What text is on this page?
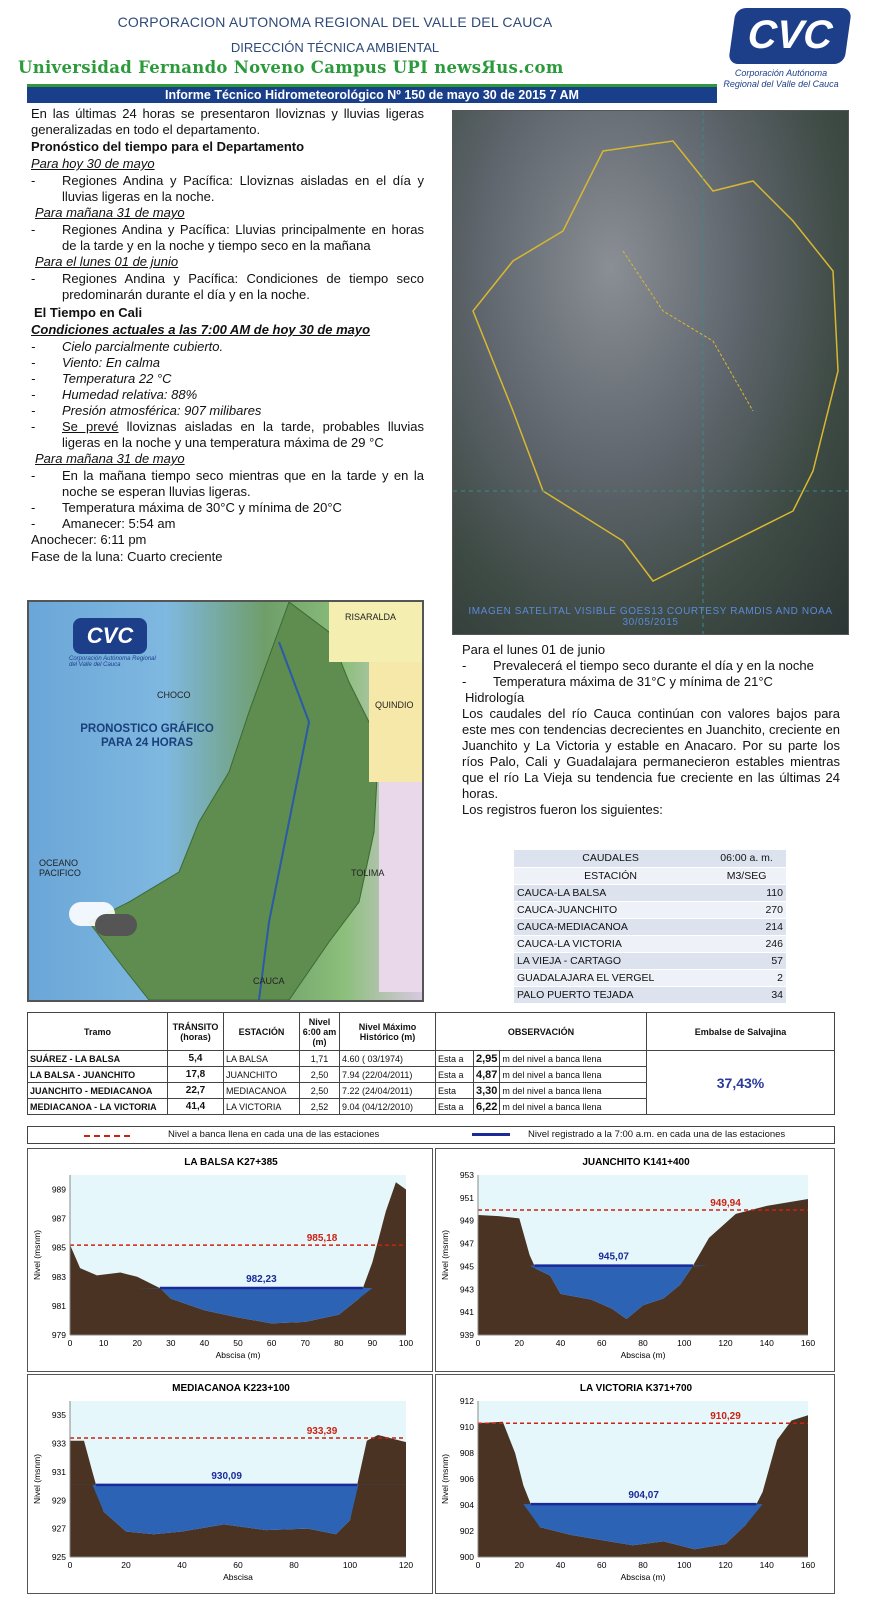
CORPORACION AUTONOMA REGIONAL DEL VALLE DEL CAUCA
DIRECCIÓN TÉCNICA AMBIENTAL
Universidad Fernando Noveno Campus UPI newsЯus.com
CVC
Corporación Autónoma
Regional del Valle del Cauca
Informe Técnico Hidrometeorológico Nº 150 de mayo 30 de 2015 7 AM

En las últimas 24 horas se presentaron lloviznas y lluvias ligeras generalizadas en todo el departamento.

Pronóstico del tiempo para el Departamento

Para hoy 30 de mayo

-	Regiones Andina y Pacífica: Lloviznas aisladas en el día y lluvias ligeras en la noche.

Para mañana 31 de mayo

-	Regiones Andina y Pacífica: Lluvias principalmente en horas de la tarde y en la noche y tiempo seco en la mañana

Para el lunes 01 de junio

-	Regiones Andina y Pacífica: Condiciones de tiempo seco predominarán durante el día y en la noche.

El Tiempo en Cali

Condiciones actuales a las 7:00 AM de hoy 30 de mayo

-	Cielo parcialmente cubierto.
-	Viento: En calma
-	Temperatura 22 °C
-	Humedad relativa: 88%
-	Presión atmosférica: 907 milibares
-	Se prevé lloviznas aisladas en la tarde, probables lluvias ligeras en la noche y una temperatura máxima de 29 °C

Para mañana 31 de mayo

-	En la mañana tiempo seco mientras que en la tarde y en la noche se esperan lluvias ligeras.
-	Temperatura máxima de 30°C y mínima de 20°C
-	Amanecer: 5:54 am

Anochecer: 6:11 pm

Fase de la luna: Cuarto creciente

IMAGEN SATELITAL VISIBLE GOES13 COURTESY RAMDIS AND NOAA
30/05/2015
CVC
Corporación Autónoma Regional del Valle del Cauca
PRONOSTICO GRÁFICO
PARA 24 HORAS
CHOCO
RISARALDA
QUINDIO
TOLIMA
CAUCA
OCEANO
PACIFICO

Para el lunes 01 de junio

-	Prevalecerá el tiempo seco durante el día y en la noche
-	Temperatura máxima de 31°C y mínima de 21°C

Hidrología

Los caudales del río Cauca continúan con valores bajos para este mes con tendencias decrecientes en Juanchito, creciente en Juanchito y La Victoria y estable en Anacaro. Por su parte los ríos Palo, Cali y Guadalajara permanecieron estables mientras que el río La Vieja su tendencia fue creciente en las últimas 24 horas.

Los registros fueron los siguientes:

CAUDALES	06:00 a. m.
ESTACIÓN	M3/SEG
CAUCA-LA BALSA	110
CAUCA-JUANCHITO	270
CAUCA-MEDIACANOA	214
CAUCA-LA VICTORIA	246
LA VIEJA - CARTAGO	57
GUADALAJARA EL VERGEL	2
PALO PUERTO TEJADA	34
Tramo	TRÁNSITO (horas)	ESTACIÓN	Nivel 6:00 am (m)	Nivel Máximo Histórico (m)	OBSERVACIÓN			Embalse de Salvajina
SUÁREZ - LA BALSA	5,4	LA BALSA	1,71	4.60 ( 03/1974)	Esta a	2,95	m del nivel a banca llena	37,43%
LA BALSA - JUANCHITO	17,8	JUANCHITO	2,50	7.94 (22/04/2011)	Esta a	4,87	m del nivel a banca llena	
JUANCHITO - MEDIACANOA	22,7	MEDIACANOA	2,50	7.22 (24/04/2011)	Esta	3,30	m del nivel a banca llena	
MEDIACANOA - LA VICTORIA	41,4	LA VICTORIA	2,52	9.04 (04/12/2010)	Esta a	6,22	m del nivel a banca llena	
Nivel a banca llena en cada una de las estaciones	Nivel registrado a la 7:00 a.m. en cada una de las estaciones
LA BALSA K27+385
985,18
982,23
979
981
983
985
987
989
0	10	20	30	40	50	60	70	80	90	100
Abscisa (m)
Nivel (msnm)
JUANCHITO K141+400
949,94
945,07
939
941
943
945
947
949
951
953
0	20	40	60	80	100	120	140	160
Abscisa (m)
Nivel (msnm)
MEDIACANOA K223+100
933,39
930,09
925
927
929
931
933
935
0	20	40	60	80	100	120
Abscisa
Nivel (msnm)
LA VICTORIA K371+700
910,29
904,07
900
902
904
906
908
910
912
0	20	40	60	80	100	120	140	160
Abscisa (m)
Nivel (msnm)
